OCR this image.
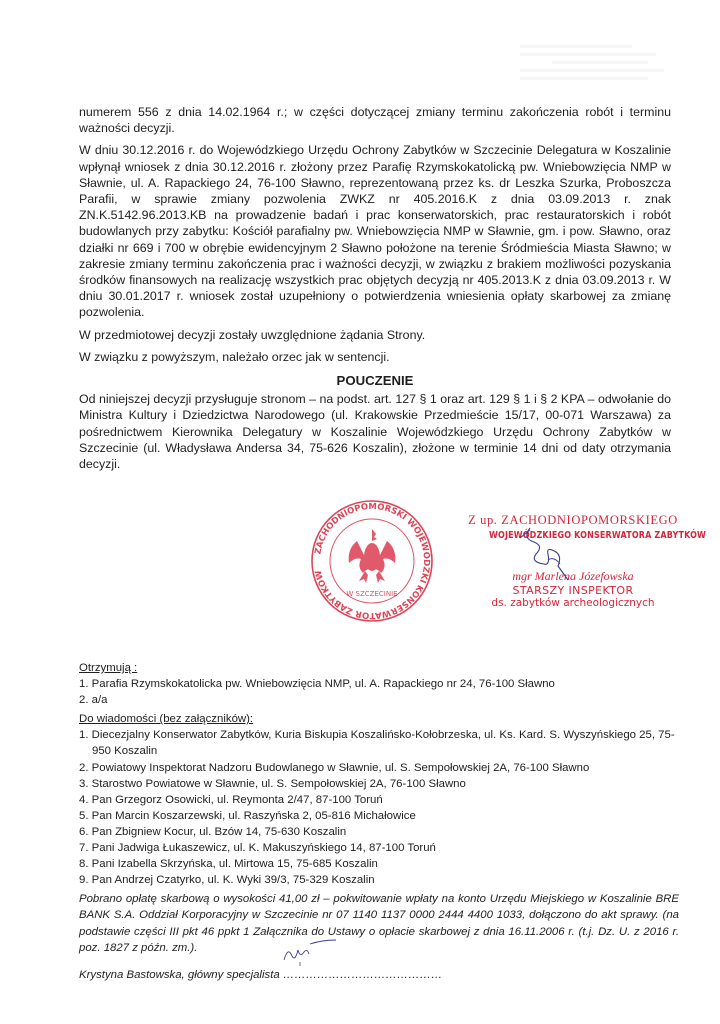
numerem 556 z dnia 14.02.1964 r.; w części dotyczącej zmiany terminu zakończenia robót i terminu ważności decyzji.

W dniu 30.12.2016 r. do Wojewódzkiego Urzędu Ochrony Zabytków w Szczecinie Delegatura w Koszalinie wpłynął wniosek z dnia 30.12.2016 r. złożony przez Parafię Rzymskokatolicką pw. Wniebowzięcia NMP w Sławnie, ul. A. Rapackiego 24, 76-100 Sławno, reprezentowaną przez ks. dr Leszka Szurka, Proboszcza Parafii, w sprawie zmiany pozwolenia ZWKZ nr 405.2016.K z dnia 03.09.2013 r. znak ZN.K.5142.96.2013.KB na prowadzenie badań i prac konserwatorskich, prac restauratorskich i robót budowlanych przy zabytku: Kościół parafialny pw. Wniebowzięcia NMP w Sławnie, gm. i pow. Sławno, oraz działki nr 669 i 700 w obrębie ewidencyjnym 2 Sławno położone na terenie Śródmieścia Miasta Sławno; w zakresie zmiany terminu zakończenia prac i ważności decyzji, w związku z brakiem możliwości pozyskania środków finansowych na realizację wszystkich prac objętych decyzją nr 405.2013.K z dnia 03.09.2013 r. W dniu 30.01.2017 r. wniosek został uzupełniony o potwierdzenia wniesienia opłaty skarbowej za zmianę pozwolenia.

W przedmiotowej decyzji zostały uwzględnione żądania Strony.

W związku z powyższym, należało orzec jak w sentencji.

POUCZENIE

Od niniejszej decyzji przysługuje stronom – na podst. art. 127 § 1 oraz art. 129 § 1 i § 2 KPA – odwołanie do Ministra Kultury i Dziedzictwa Narodowego (ul. Krakowskie Przedmieście 15/17, 00-071 Warszawa) za pośrednictwem Kierownika Delegatury w Koszalinie Wojewódzkiego Urzędu Ochrony Zabytków w Szczecinie (ul. Władysława Andersa 34, 75-626 Koszalin), złożone w terminie 14 dni od daty otrzymania decyzji.

ZACHODNIOPOMORSKI WOJEWÓDZKI KONSERWATOR ZABYTKÓW
W SZCZECINIE
Z up. ZACHODNIOPOMORSKIEGO
WOJEWÓDZKIEGO KONSERWATORA ZABYTKÓW
mgr Marlena Józefowska
STARSZY INSPEKTOR
ds. zabytków archeologicznych
Otrzymują :
1. Parafia Rzymskokatolicka pw. Wniebowzięcia NMP, ul. A. Rapackiego nr 24, 76-100 Sławno
2. a/a
Do wiadomości (bez załączników):
1. Diecezjalny Konserwator Zabytków, Kuria Biskupia Koszalińsko-Kołobrzeska, ul. Ks. Kard. S. Wyszyńskiego 25, 75-950 Koszalin
2. Powiatowy Inspektorat Nadzoru Budowlanego w Sławnie, ul. S. Sempołowskiej 2A, 76-100 Sławno
3. Starostwo Powiatowe w Sławnie, ul. S. Sempołowskiej 2A, 76-100 Sławno
4. Pan Grzegorz Osowicki, ul. Reymonta 2/47, 87-100 Toruń
5. Pan Marcin Koszarzewski, ul. Raszyńska 2, 05-816 Michałowice
6. Pan Zbigniew Kocur, ul. Bzów 14, 75-630 Koszalin
7. Pani Jadwiga Łukaszewicz, ul. K. Makuszyńskiego 14, 87-100 Toruń
8. Pani Izabella Skrzyńska, ul. Mirtowa 15, 75-685 Koszalin
9. Pan Andrzej Czatyrko, ul. K. Wyki 39/3, 75-329 Koszalin

Pobrano opłatę skarbową o wysokości 41,00 zł – pokwitowanie wpłaty na konto Urzędu Miejskiego w Koszalinie BRE BANK S.A. Oddział Korporacyjny w Szczecinie nr 07 1140 1137 0000 2444 4400 1033, dołączono do akt sprawy. (na podstawie części III pkt 46 ppkt 1 Załącznika do Ustawy o opłacie skarbowej z dnia 16.11.2006 r. (t.j. Dz. U. z 2016 r. poz. 1827 z późn. zm.).

Krystyna Bastowska, główny specjalista ……………………………………
